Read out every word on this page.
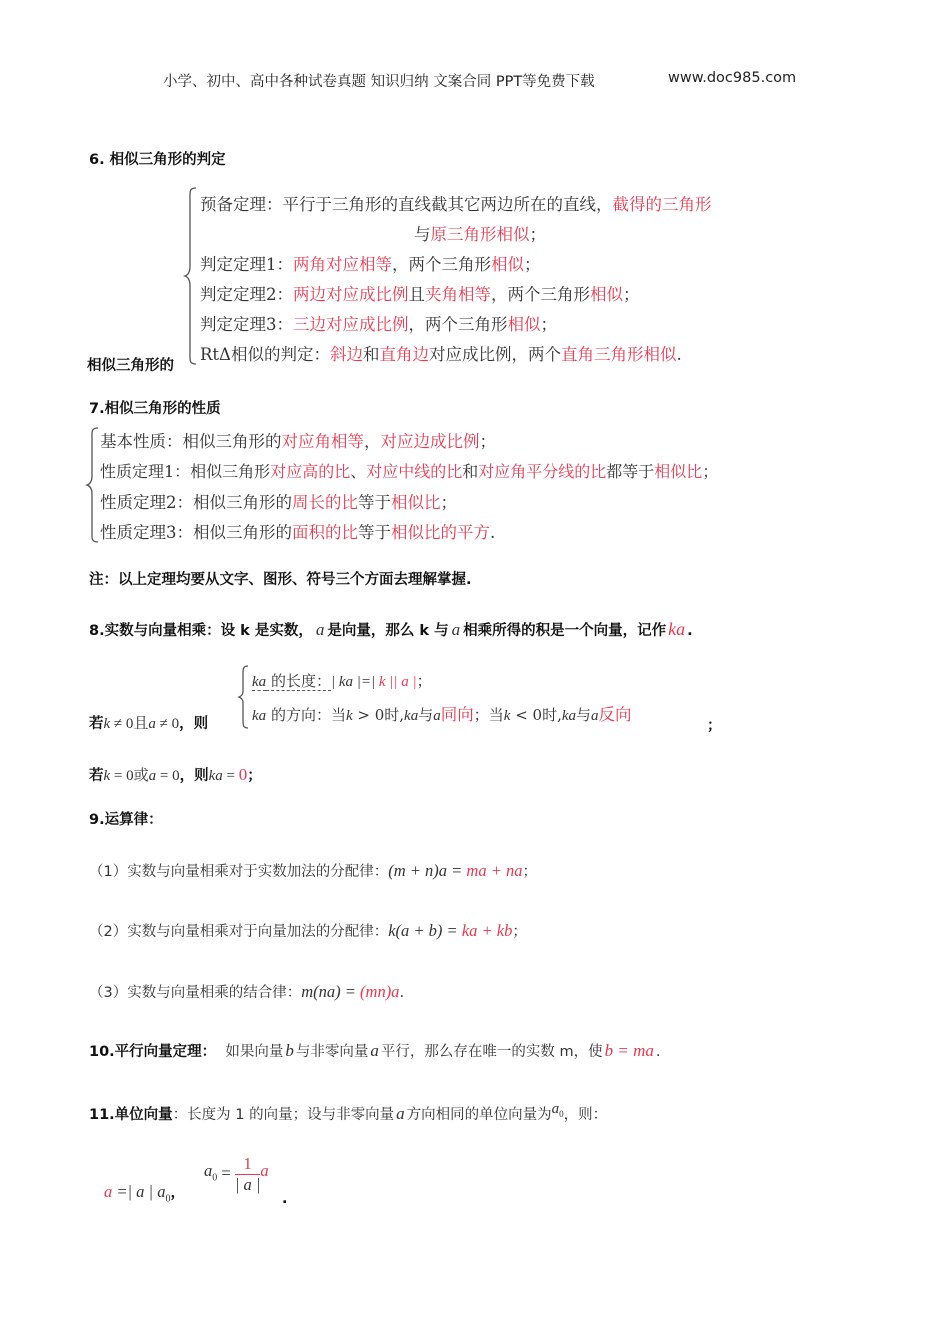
小学、初中、高中各种试卷真题 知识归纳 文案合同 PPT等免费下载	www.doc985.com
6. 相似三角形的判定
相似三角形的
预备定理：平行于三角形的直线截其它两边所在的直线，截得的三角形
与原三角形相似；
判定定理1：两角对应相等，两个三角形相似；
判定定理2：两边对应成比例且夹角相等，两个三角形相似；
判定定理3：三边对应成比例，两个三角形相似；
RtΔ相似的判定：斜边和直角边对应成比例，两个直角三角形相似.
7.相似三角形的性质
基本性质：相似三角形的对应角相等，对应边成比例；
性质定理1：相似三角形对应高的比、对应中线的比和对应角平分线的比都等于相似比；
性质定理2：相似三角形的周长的比等于相似比；
性质定理3：相似三角形的面积的比等于相似比的平方.
注：以上定理均要从文字、图形、符号三个方面去理解掌握.
8.实数与向量相乘：设 k 是实数， a 是向量，那么 k 与 a 相乘所得的积是一个向量，记作 ka .
若k ≠ 0且a ≠ 0，则
ka 的长度：| ka |=| k || a |；
ka 的方向：当k > 0时,ka与a同向；当k < 0时,ka与a反向
；
若k = 0或a = 0，则ka = 0；
9.运算律：
（1）实数与向量相乘对于实数加法的分配律：(m + n)a = ma + na；
（2）实数与向量相乘对于向量加法的分配律：k(a + b) = ka + kb；
（3）实数与向量相乘的结合律：m(na) = (mn)a.
10.平行向量定理： 如果向量 b 与非零向量 a 平行，那么存在唯一的实数 m，使 b = ma .
11.单位向量：长度为 1 的向量；设与非零向量 a 方向相同的单位向量为$a_0$，则：
a =| a | $a_0$，
$a_0 = \frac{1}{| a |}$ a
.
